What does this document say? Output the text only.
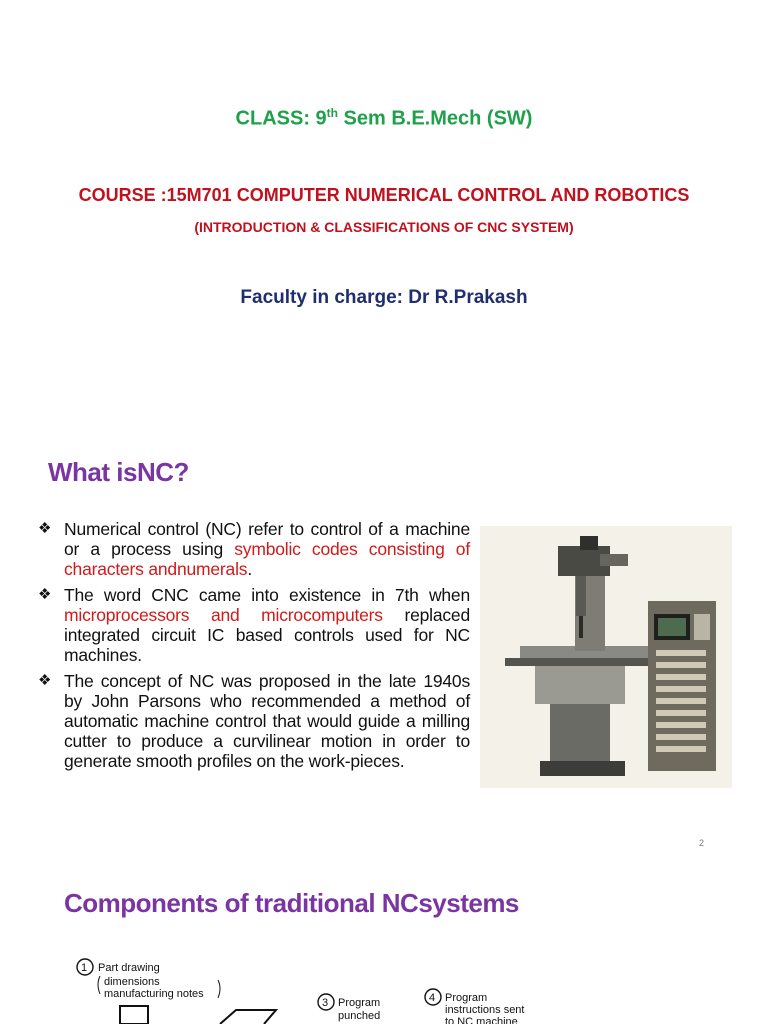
CLASS: 9th Sem B.E.Mech (SW)
COURSE :15M701 COMPUTER NUMERICAL CONTROL AND ROBOTICS
(INTRODUCTION & CLASSIFICATIONS OF CNC SYSTEM)
Faculty in charge: Dr R.Prakash
What isNC?
❖ Numerical control (NC) refer to control of a machine or a process using symbolic codes consisting of characters andnumerals.
❖ The word CNC came into existence in 7th when microprocessors and microcomputers replaced integrated circuit IC based controls used for NC machines.
❖ The concept of NC was proposed in the late 1940s by John Parsons who recommended a method of automatic machine control that would guide a milling cutter to produce a curvilinear motion in order to generate smooth profiles on the work-pieces.
2
Components of traditional NCsystems
1 Part drawing
dimensions
manufacturing notes
3 Program
punched
4 Program
instructions sent
to NC machine
